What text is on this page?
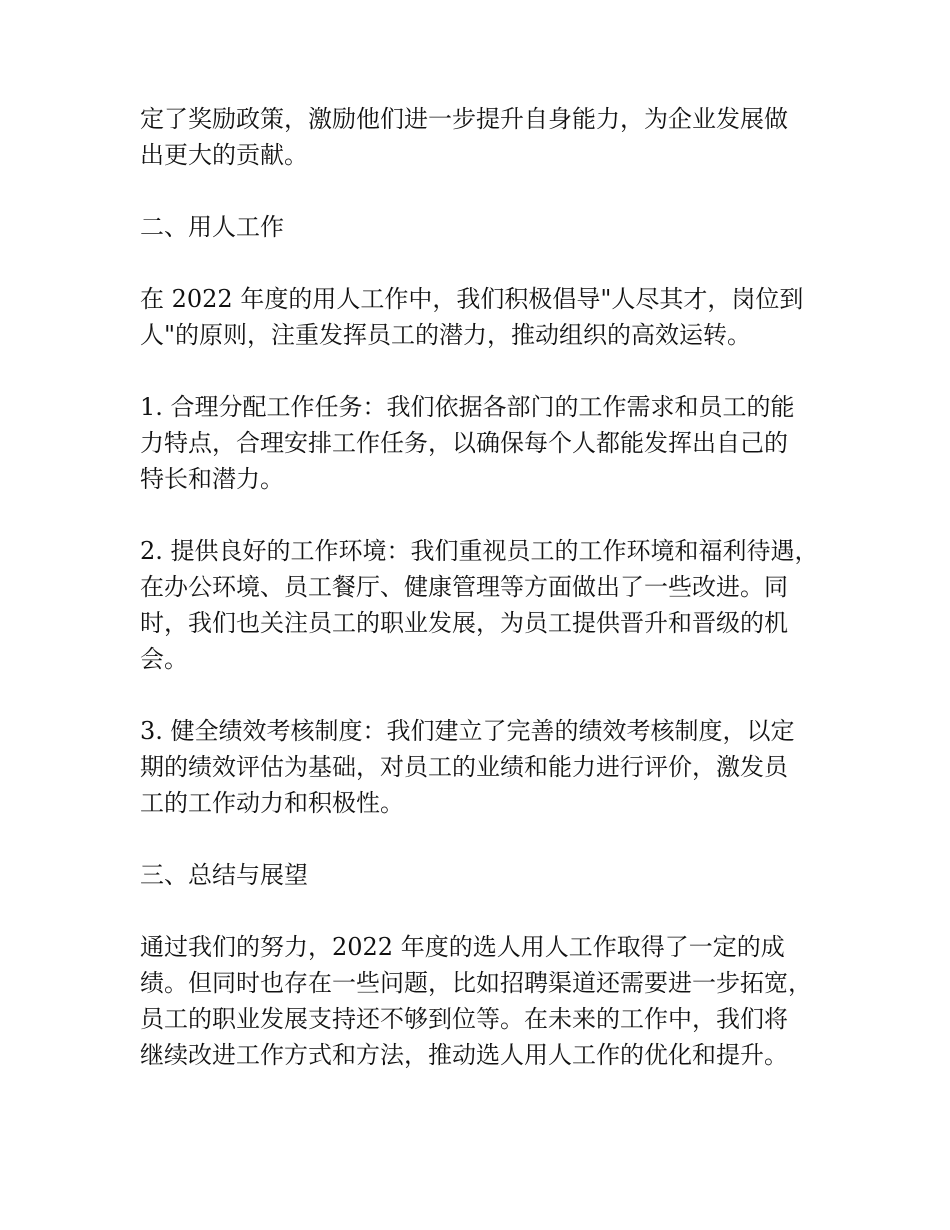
定了奖励政策，激励他们进一步提升自身能力，为企业发展做
出更大的贡献。

二、用人工作

在 2022 年度的用人工作中，我们积极倡导"人尽其才，岗位到
人"的原则，注重发挥员工的潜力，推动组织的高效运转。

1. 合理分配工作任务：我们依据各部门的工作需求和员工的能
力特点，合理安排工作任务，以确保每个人都能发挥出自己的
特长和潜力。

2. 提供良好的工作环境：我们重视员工的工作环境和福利待遇，
在办公环境、员工餐厅、健康管理等方面做出了一些改进。同
时，我们也关注员工的职业发展，为员工提供晋升和晋级的机
会。

3. 健全绩效考核制度：我们建立了完善的绩效考核制度，以定
期的绩效评估为基础，对员工的业绩和能力进行评价，激发员
工的工作动力和积极性。

三、总结与展望

通过我们的努力，2022 年度的选人用人工作取得了一定的成
绩。但同时也存在一些问题，比如招聘渠道还需要进一步拓宽，
员工的职业发展支持还不够到位等。在未来的工作中，我们将
继续改进工作方式和方法，推动选人用人工作的优化和提升。
